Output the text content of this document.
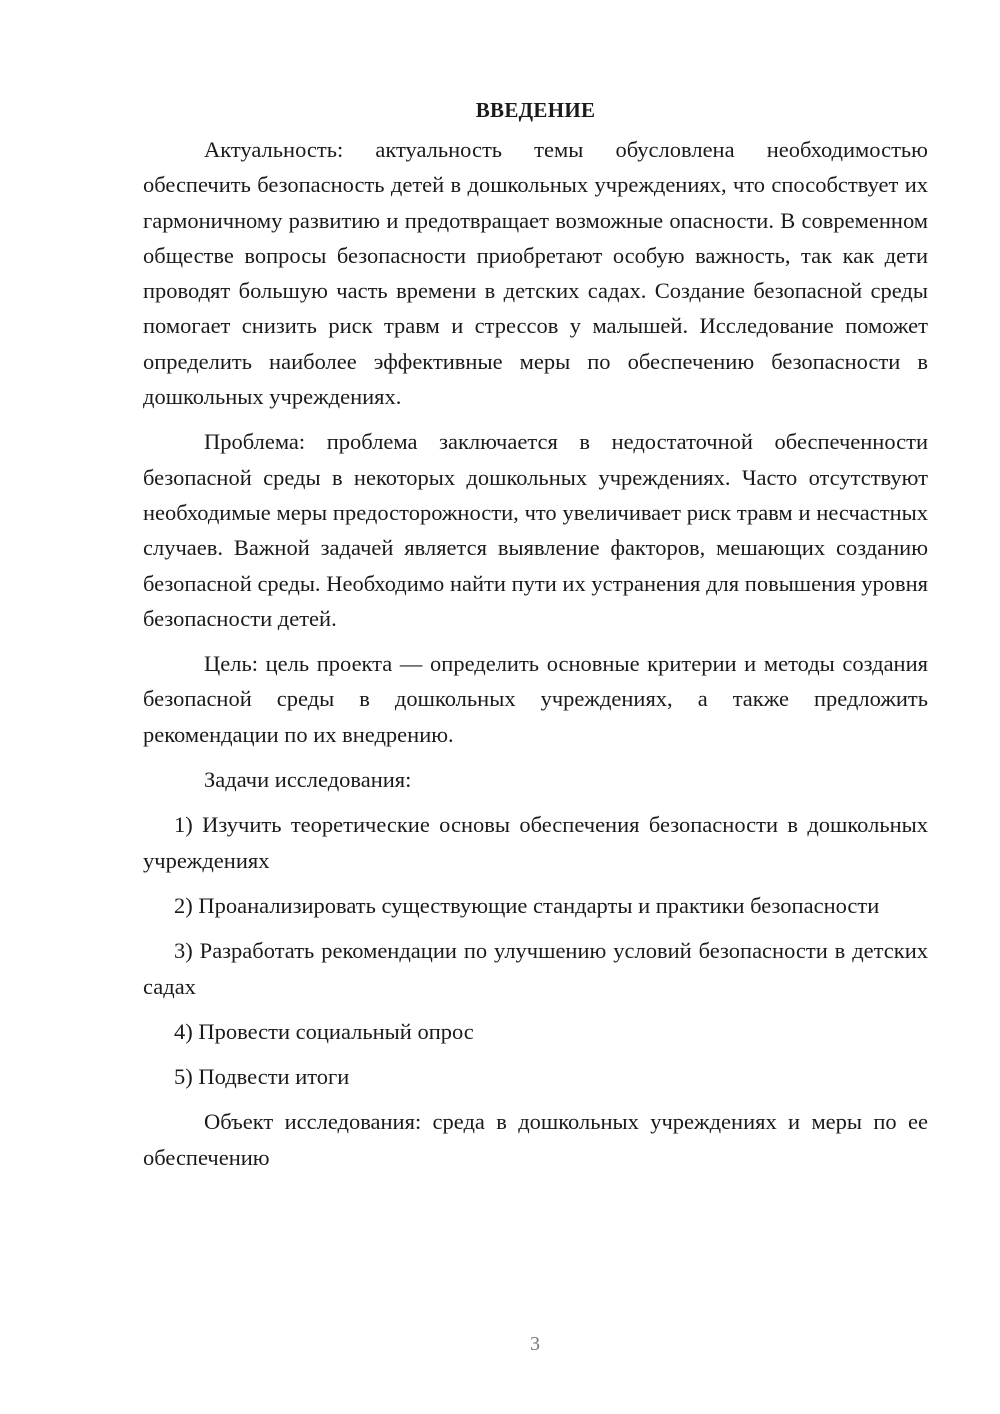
ВВЕДЕНИЕ

Актуальность: актуальность темы обусловлена необходимостью обеспечить безопасность детей в дошкольных учреждениях, что способствует их гармоничному развитию и предотвращает возможные опасности. В современном обществе вопросы безопасности приобретают особую важность, так как дети проводят большую часть времени в детских садах. Создание безопасной среды помогает снизить риск травм и стрессов у малышей. Исследование поможет определить наиболее эффективные меры по обеспечению безопасности в дошкольных учреждениях.

Проблема: проблема заключается в недостаточной обеспеченности безопасной среды в некоторых дошкольных учреждениях. Часто отсутствуют необходимые меры предосторожности, что увеличивает риск травм и несчастных случаев. Важной задачей является выявление факторов, мешающих созданию безопасной среды. Необходимо найти пути их устранения для повышения уровня безопасности детей.

Цель: цель проекта — определить основные критерии и методы создания безопасной среды в дошкольных учреждениях, а также предложить рекомендации по их внедрению.

Задачи исследования:

1) Изучить теоретические основы обеспечения безопасности в дошкольных учреждениях

2) Проанализировать существующие стандарты и практики безопасности

3) Разработать рекомендации по улучшению условий безопасности в детских садах

4) Провести социальный опрос

5) Подвести итоги

Объект исследования: среда в дошкольных учреждениях и меры по ее обеспечению

3
